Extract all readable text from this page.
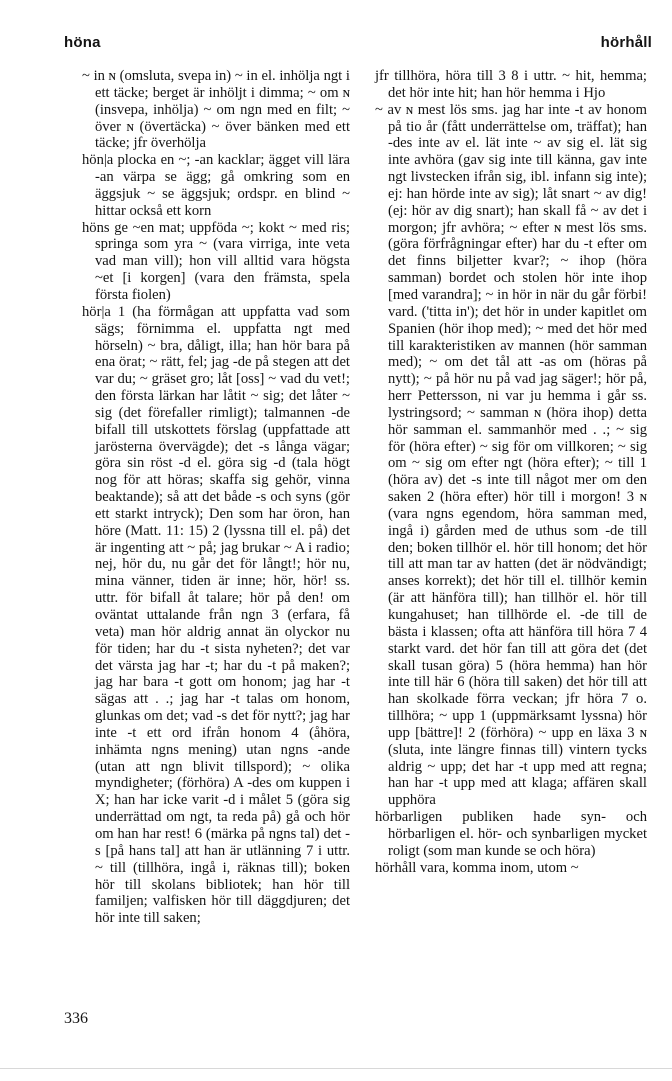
höna	hörhåll

~ in ɴ (omsluta, svepa in) ~ in el. inhölja ngt i ett täcke; berget är inhöljt i dimma; ~ om ɴ (insvepa, inhölja) ~ om ngn med en filt; ~ över ɴ (övertäcka) ~ över bänken med ett täcke; jfr överhölja

hön|a plocka en ~; -an kacklar; ägget vill lära -an värpa se ägg; gå omkring som en äggsjuk ~ se äggsjuk; ordspr. en blind ~ hittar också ett korn

höns ge ~en mat; uppföda ~; kokt ~ med ris; springa som yra ~ (vara virriga, inte veta vad man vill); hon vill alltid vara högsta ~et [i korgen] (vara den främsta, spela första fiolen)

hör|a 1 (ha förmågan att uppfatta vad som sägs; förnimma el. uppfatta ngt med hörseln) ~ bra, dåligt, illa; han hör bara på ena örat; ~ rätt, fel; jag -de på stegen att det var du; ~ gräset gro; låt [oss] ~ vad du vet!; den första lärkan har låtit ~ sig; det låter ~ sig (det förefaller rimligt); talmannen -de bifall till utskottets förslag (uppfattade att jarösterna övervägde); det -s långa vägar; göra sin röst -d el. göra sig -d (tala högt nog för att höras; skaffa sig gehör, vinna beaktande); så att det både -s och syns (gör ett starkt intryck); Den som har öron, han höre (Matt. 11: 15) 2 (lyssna till el. på) det är ingenting att ~ på; jag brukar ~ A i radio; nej, hör du, nu går det för långt!; hör nu, mina vänner, tiden är inne; hör, hör! ss. uttr. för bifall åt talare; hör på den! om oväntat uttalande från ngn 3 (erfara, få veta) man hör aldrig annat än olyckor nu för tiden; har du -t sista nyheten?; det var det värsta jag har -t; har du -t på maken?; jag har bara -t gott om honom; jag har -t sägas att . .; jag har -t talas om honom, glunkas om det; vad -s det för nytt?; jag har inte -t ett ord ifrån honom 4 (åhöra, inhämta ngns mening) utan ngns -ande (utan att ngn blivit tillspord); ~ olika myndigheter; (förhöra) A -des om kuppen i X; han har icke varit -d i målet 5 (göra sig underrättad om ngt, ta reda på) gå och hör om han har rest! 6 (märka på ngns tal) det -s [på hans tal] att han är utlänning 7 i uttr. ~ till (tillhöra, ingå i, räknas till); boken hör till skolans bibliotek; han hör till familjen; valfisken hör till däggdjuren; det hör inte till saken;

jfr tillhöra, höra till 3 8 i uttr. ~ hit, hemma; det hör inte hit; han hör hemma i Hjo

~ av ɴ mest lös sms. jag har inte -t av honom på tio år (fått underrättelse om, träffat); han -des inte av el. lät inte ~ av sig el. lät sig inte avhöra (gav sig inte till känna, gav inte ngt livstecken ifrån sig, ibl. infann sig inte); ej: han hörde inte av sig); låt snart ~ av dig! (ej: hör av dig snart); han skall få ~ av det i morgon; jfr avhöra; ~ efter ɴ mest lös sms. (göra förfrågningar efter) har du -t efter om det finns biljetter kvar?; ~ ihop (höra samman) bordet och stolen hör inte ihop [med varandra]; ~ in hör in när du går förbi! vard. ('titta in'); det hör in under kapitlet om Spanien (hör ihop med); ~ med det hör med till karakteristiken av mannen (hör samman med); ~ om det tål att -as om (höras på nytt); ~ på hör nu på vad jag säger!; hör på, herr Pettersson, ni var ju hemma i går ss. lystringsord; ~ samman ɴ (höra ihop) detta hör samman el. sammanhör med . .; ~ sig för (höra efter) ~ sig för om villkoren; ~ sig om ~ sig om efter ngt (höra efter); ~ till 1 (höra av) det -s inte till något mer om den saken 2 (höra efter) hör till i morgon! 3 ɴ (vara ngns egendom, höra samman med, ingå i) gården med de uthus som -de till den; boken tillhör el. hör till honom; det hör till att man tar av hatten (det är nödvändigt; anses korrekt); det hör till el. tillhör kemin (är att hänföra till); han tillhör el. hör till kungahuset; han tillhörde el. -de till de bästa i klassen; ofta att hänföra till höra 7 4 starkt vard. det hör fan till att göra det (det skall tusan göra) 5 (höra hemma) han hör inte till här 6 (höra till saken) det hör till att han skolkade förra veckan; jfr höra 7 o. tillhöra; ~ upp 1 (uppmärksamt lyssna) hör upp [bättre]! 2 (förhöra) ~ upp en läxa 3 ɴ (sluta, inte längre finnas till) vintern tycks aldrig ~ upp; det har -t upp med att regna; han har -t upp med att klaga; affären skall upphöra

hörbarligen publiken hade syn- och hörbarligen el. hör- och synbarligen mycket roligt (som man kunde se och höra)

hörhåll vara, komma inom, utom ~

336
